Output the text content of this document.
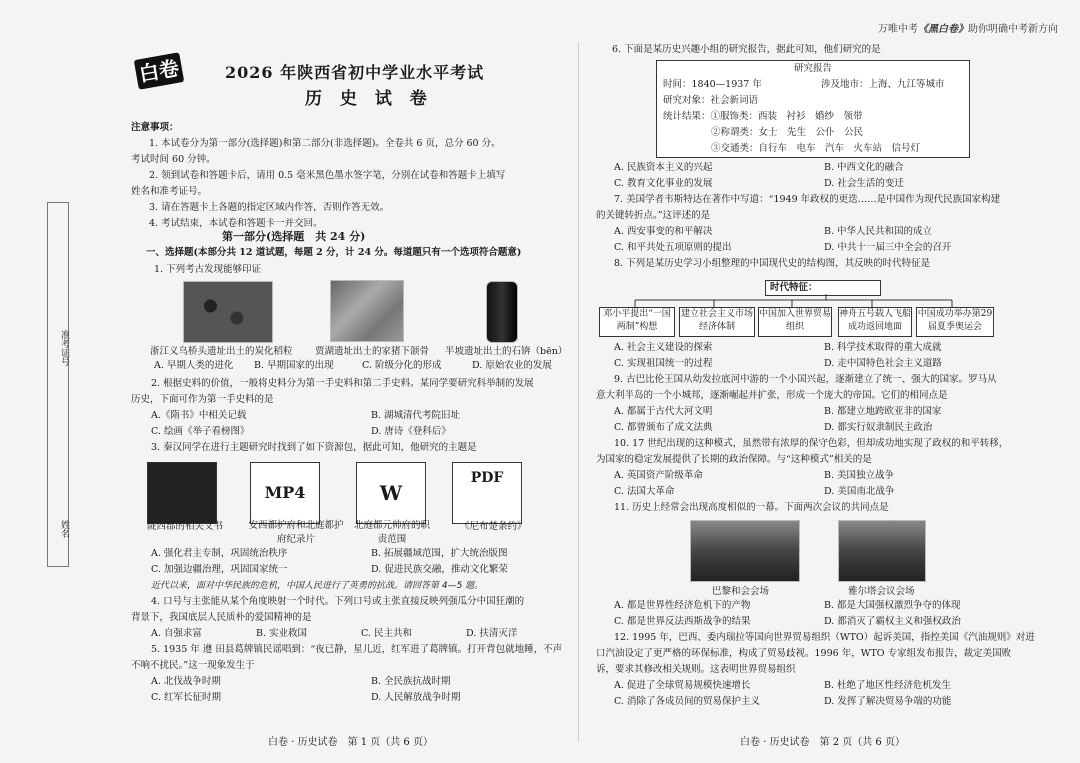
万唯中考《黑白卷》助你明确中考新方向
白卷	2026 年陕西省初中学业水平考试
历 史 试 卷
注意事项：
1. 本试卷分为第一部分(选择题)和第二部分(非选择题)。全卷共 6 页，总分 60 分。
考试时间 60 分钟。
2. 领到试卷和答题卡后，请用 0.5 毫米黑色墨水签字笔，分别在试卷和答题卡上填写
姓名和准考证号。
3. 请在答题卡上各题的指定区域内作答，否则作答无效。
4. 考试结束，本试卷和答题卡一并交回。
准考证号
姓名
第一部分(选择题　共 24 分)
一、选择题(本部分共 12 道试题，每题 2 分，计 24 分。每道题只有一个选项符合题意)
1. 下列考古发现能够印证
浙江义乌桥头遗址出土的炭化稻粒 贾湖遗址出土的家猪下颌骨 半坡遗址出土的石锛（bēn）
A. 早期人类的进化 B. 早期国家的出现	C. 阶级分化的形成	D. 原始农业的发展
2. 根据史料的价值，一般将史料分为第一手史料和第二手史料。某同学要研究科举制的发展
历史，下面可作为第一手史料的是
A.《隋书》中相关记载	B. 湖城清代考院旧址
C. 绘画《举子看榜图》	D. 唐诗《登科后》
3. 秦汉同学在进行主题研究时找到了如下资源包，据此可知，他研究的主题是
MP4	W
PDF
陇西郡的相关文书	安西都护府和北庭都护府纪录片
北庭都元帅府的职责范围
《尼布楚条约》
A. 强化君主专制，巩固统治秩序	B. 拓展疆域范围，扩大统治版图
C. 加强边疆治理，巩固国家统一	D. 促进民族交融，推动文化繁荣
近代以来，面对中华民族的危机，中国人民进行了英勇的抗战。请回答第 4—5 题。
4. 口号与主张能从某个角度映射一个时代。下列口号或主张直接反映列强瓜分中国狂潮的
背景下，我国底层人民质朴的爱国精神的是
A. 自强求富	B. 实业救国	C. 民主共和	D. 扶清灭洋
5. 1935 年 遵 田县葛牌镇民谣唱到：“夜已静，星儿近，红军进了葛牌镇。打开背包就地睡，不声
不响不扰民。”这一现象发生于
A. 北伐战争时期	B. 全民族抗战时期
C. 红军长征时期	D. 人民解放战争时期
白卷 · 历史试卷　第 1 页（共 6 页）
6. 下面是某历史兴趣小组的研究报告，据此可知，他们研究的是
研究报告
时间：1840—1937 年	涉及地市：上海、九江等城市
研究对象：社会新词语
统计结果：①服饰类：西装　衬衫　婚纱　领带
②称谓类：女士　先生　公仆　公民
③交通类：自行车　电车　汽车　火车站　信号灯
A. 民族资本主义的兴起	B. 中西文化的融合
C. 教育文化事业的发展	D. 社会生活的变迁
7. 美国学者韦斯特达在著作中写道：“1949 年政权的更迭……是中国作为现代民族国家构建
的关键转折点。”这评述的是
A. 西安事变的和平解决	B. 中华人民共和国的成立
C. 和平共处五项原则的提出	D. 中共十一届三中全会的召开
8. 下列是某历史学习小组整理的中国现代史的结构图，其反映的时代特征是
时代特征：
邓小平提出“一国两制”构想
建立社会主义市场经济体制
中国加入世界贸易组织
神舟五号载人飞船成功返回地面
中国成功举办第29届夏季奥运会
A. 社会主义建设的探索	B. 科学技术取得的重大成就
C. 实现祖国统一的过程	D. 走中国特色社会主义道路
9. 古巴比伦王国从幼发拉底河中游的一个小国兴起，逐渐建立了统一、强大的国家。罗马从
意大利半岛的一个小城邦，逐渐崛起并扩张，形成一个庞大的帝国。它们的相同点是
A. 都属于古代大河文明	B. 都建立地跨欧亚非的国家
C. 都曾颁布了成文法典	D. 都实行奴隶制民主政治
10. 17 世纪出现的这种模式，虽然带有浓厚的保守色彩，但却成功地实现了政权的和平转移，
为国家的稳定发展提供了长期的政治保障。与“这种模式”相关的是
A. 英国资产阶级革命	B. 美国独立战争
C. 法国大革命	D. 美国南北战争
11. 历史上经常会出现高度相似的一幕。下面两次会议的共同点是
巴黎和会会场	雅尔塔会议会场
A. 都是世界性经济危机下的产物	B. 都是大国强权激烈争夺的体现
C. 都是世界反法西斯战争的结果	D. 都消灭了霸权主义和强权政治
12. 1995 年，巴西、委内瑞拉等国向世界贸易组织（WTO）起诉美国，指控美国《汽油规则》对进
口汽油设定了更严格的环保标准，构成了贸易歧视。1996 年，WTO 专家组发布报告，裁定美国败
诉，要求其修改相关规则。这表明世界贸易组织
A. 促进了全球贸易规模快速增长	B. 杜绝了地区性经济危机发生
C. 消除了各成员间的贸易保护主义	D. 发挥了解决贸易争端的功能
白卷 · 历史试卷　第 2 页（共 6 页）
